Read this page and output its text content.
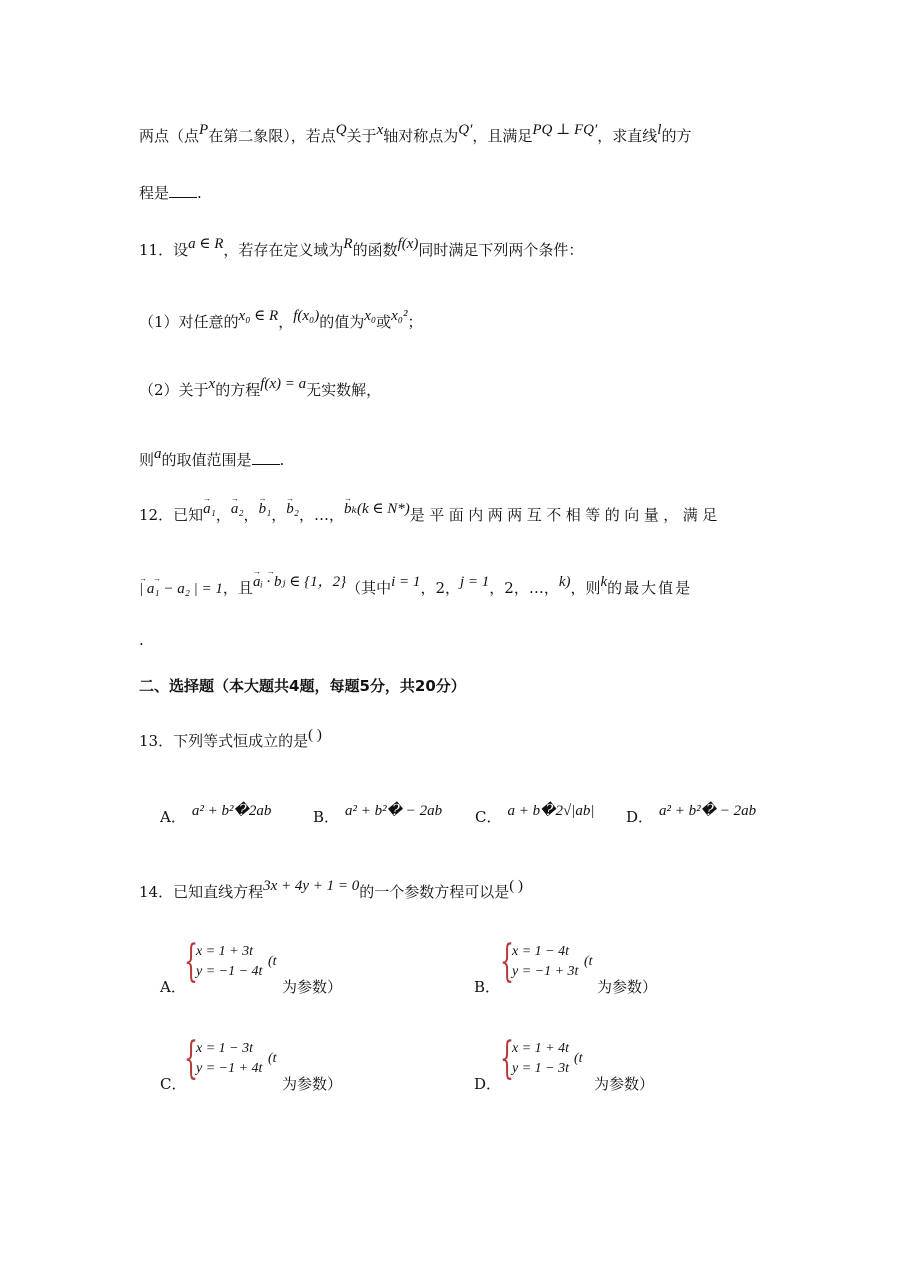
两点（点P在第二象限），若点Q关于x轴对称点为Q′，且满足PQ ⊥ FQ′，求直线l的方
程是 .
11．设a ∈ R，若存在定义域为R的函数f(x)同时满足下列两个条件：
（1）对任意的x₀ ∈ R，f(x₀)的值为x₀或x₀²；
（2）关于x的方程f(x) = a无实数解，
则a的取值范围是 .
12．已知
→
a₁，
→
a₂，
→
b₁，
→
b₂，…，
→
bₖ(k ∈ N*)是平面内两两互不相等的向量，满足
→　→
| a₁ − a₂ | = 1，且
→　→
aᵢ · bⱼ ∈ {1，2}（其中i = 1，2，j = 1，2，…，k)，则k的最大值是
.
二、选择题（本大题共4题，每题5分，共20分）
13．下列等式恒成立的是( )
A． a² + b²�2ab	B． a² + b²� − 2ab C． a + b�2√|ab| D． a² + b²� − 2ab
14．已知直线方程3x + 4y + 1 = 0的一个参数方程可以是( )
A．
{
x = 1 + 3t
y = −1 − 4t
(t
为参数）	B． {
x = 1 − 4t
y = −1 + 3t
(t
为参数）
C．
{
x = 1 − 3t
y = −1 + 4t
(t
为参数）	D．
{
x = 1 + 4t
y = 1 − 3t
(t
为参数）
